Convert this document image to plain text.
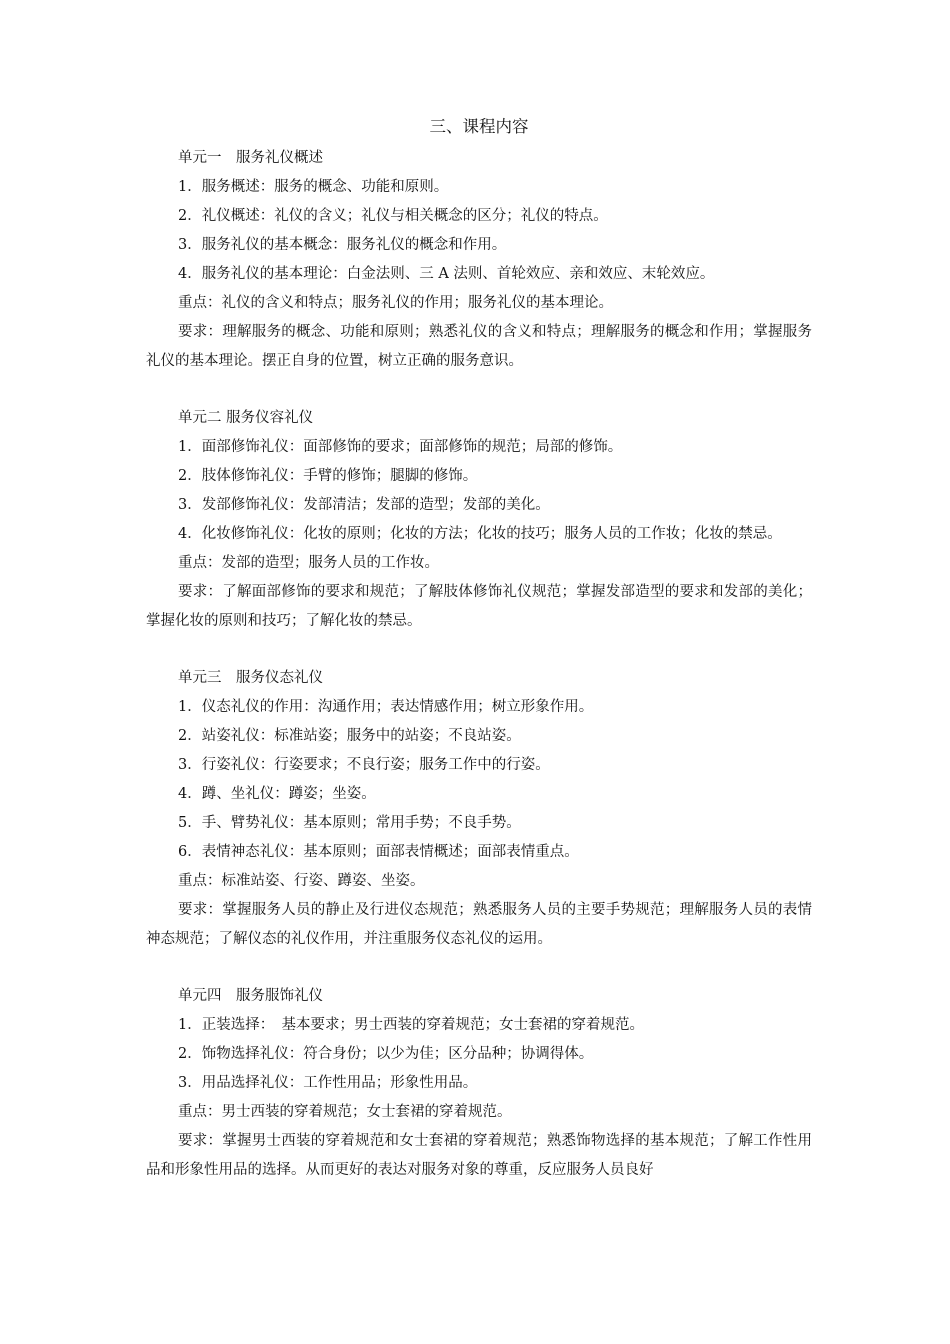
三、课程内容
单元一　服务礼仪概述

1．服务概述：服务的概念、功能和原则。

2．礼仪概述：礼仪的含义；礼仪与相关概念的区分；礼仪的特点。

3．服务礼仪的基本概念：服务礼仪的概念和作用。

4．服务礼仪的基本理论：白金法则、三 A 法则、首轮效应、亲和效应、末轮效应。

重点：礼仪的含义和特点；服务礼仪的作用；服务礼仪的基本理论。

要求：理解服务的概念、功能和原则；熟悉礼仪的含义和特点；理解服务的概念和作用；掌握服务礼仪的基本理论。摆正自身的位置，树立正确的服务意识。

单元二 服务仪容礼仪

1．面部修饰礼仪：面部修饰的要求；面部修饰的规范；局部的修饰。

2．肢体修饰礼仪：手臂的修饰；腿脚的修饰。

3．发部修饰礼仪：发部清洁；发部的造型；发部的美化。

4．化妆修饰礼仪：化妆的原则；化妆的方法；化妆的技巧；服务人员的工作妆；化妆的禁忌。

重点：发部的造型；服务人员的工作妆。

要求：了解面部修饰的要求和规范；了解肢体修饰礼仪规范；掌握发部造型的要求和发部的美化；掌握化妆的原则和技巧；了解化妆的禁忌。

单元三　服务仪态礼仪

1．仪态礼仪的作用：沟通作用；表达情感作用；树立形象作用。

2．站姿礼仪：标准站姿；服务中的站姿；不良站姿。

3．行姿礼仪：行姿要求；不良行姿；服务工作中的行姿。

4．蹲、坐礼仪：蹲姿；坐姿。

5．手、臂势礼仪：基本原则；常用手势；不良手势。

6．表情神态礼仪：基本原则；面部表情概述；面部表情重点。

重点：标准站姿、行姿、蹲姿、坐姿。

要求：掌握服务人员的静止及行进仪态规范；熟悉服务人员的主要手势规范；理解服务人员的表情神态规范；了解仪态的礼仪作用，并注重服务仪态礼仪的运用。

单元四　服务服饰礼仪

1．正装选择：　基本要求；男士西装的穿着规范；女士套裙的穿着规范。

2．饰物选择礼仪：符合身份；以少为佳；区分品种；协调得体。

3．用品选择礼仪：工作性用品；形象性用品。

重点：男士西装的穿着规范；女士套裙的穿着规范。

要求：掌握男士西装的穿着规范和女士套裙的穿着规范；熟悉饰物选择的基本规范；了解工作性用品和形象性用品的选择。从而更好的表达对服务对象的尊重，反应服务人员良好
